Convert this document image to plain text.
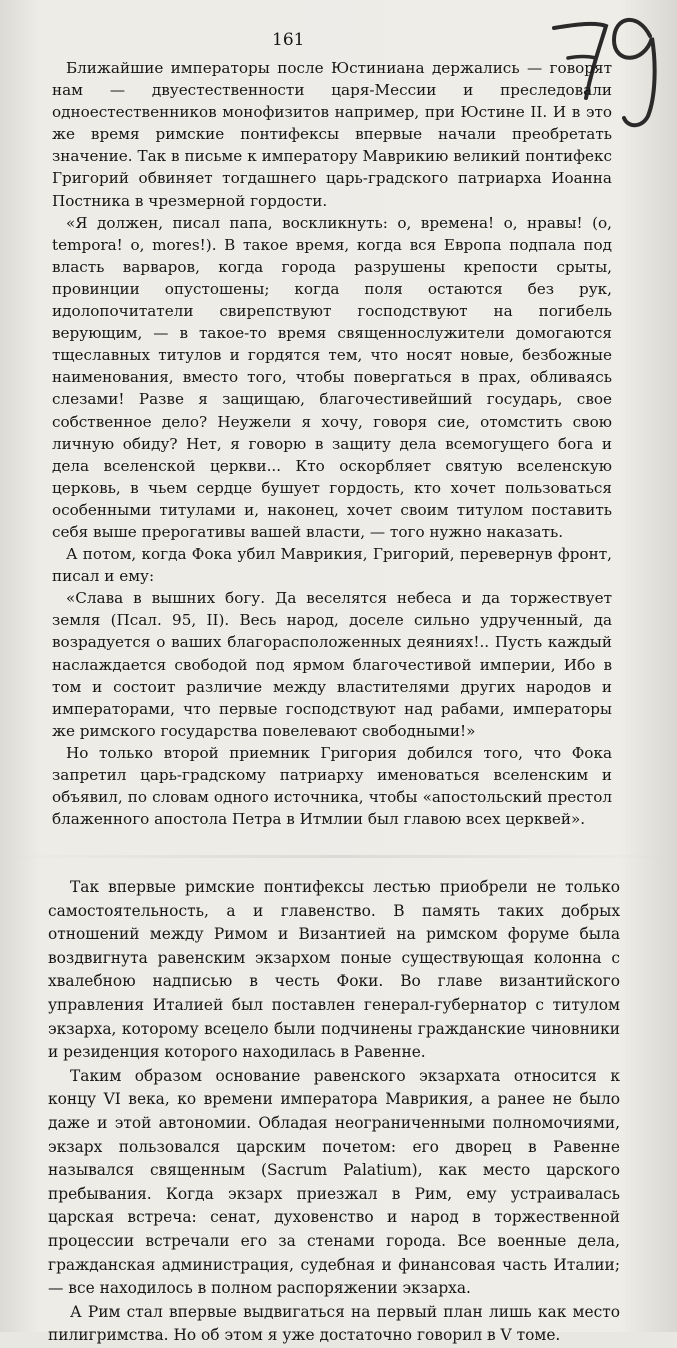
161

Ближайшие императоры после Юстиниана держались — говорят нам — двуестественности царя-Мессии и преследовали одноестественников монофизитов например, при Юстине II. И в это же время римские понтифексы впервые начали преобретать значение. Так в письме к императору Маврикию великий понтифекс Григорий обвиняет тогдашнего царь-градского патриарха Иоанна Постника в чрезмерной гордости.

«Я должен, писал папа, воскликнуть: о, времена! о, нравы! (o, tempora! o, mores!). В такое время, когда вся Европа подпала под власть варваров, когда города разрушены крепости срыты, провинции опустошены; когда поля остаются без рук, идолопочитатели свирепствуют господствуют на погибель верующим, — в такое-то время священнослужители домогаются тщеславных титулов и гордятся тем, что носят новые, безбожные наименования, вместо того, чтобы повергаться в прах, обливаясь слезами! Разве я защищаю, благочестивейший государь, свое собственное дело? Неужели я хочу, говоря сие, отомстить свою личную обиду? Нет, я говорю в защиту дела всемогущего бога и дела вселенской церкви... Кто оскорбляет святую вселенскую церковь, в чьем сердце бушует гордость, кто хочет пользоваться особенными титулами и, наконец, хочет своим титулом поставить себя выше прерогативы вашей власти, — того нужно наказать.

А потом, когда Фока убил Маврикия, Григорий, перевернув фронт, писал и ему:

«Слава в вышних богу. Да веселятся небеса и да торжествует земля (Псал. 95, II). Весь народ, доселе сильно удрученный, да возрадуется о ваших благорасположенных деяниях!.. Пусть каждый наслаждается свободой под ярмом благочестивой империи, Ибо в том и состоит различие между властителями других народов и императорами, что первые господствуют над рабами, императоры же римского государства повелевают свободными!»

Но только второй приемник Григория добился того, что Фока запретил царь-градскому патриарху именоваться вселенским и объявил, по словам одного источника, чтобы «апостольский престол блаженного апостола Петра в Итмлии был главою всех церквей».

Так впервые римские понтифексы лестью приобрели не только самостоятельность, а и главенство. В память таких добрых отношений между Римом и Византией на римском форуме была воздвигнута равенским экзархом поные существующая колонна с хвалебною надписью в честь Фоки. Во главе византийского управления Италией был поставлен генерал-губернатор с титулом экзарха, которому всецело были подчинены гражданские чиновники и резиденция которого находилась в Равенне.

Таким образом основание равенского экзархата относится к концу VI века, ко времени императора Маврикия, а ранее не было даже и этой автономии. Обладая неограниченными полномочиями, экзарх пользовался царским почетом: его дворец в Равенне назывался священным (Sacrum Palatium), как место царского пребывания. Когда экзарх приезжал в Рим, ему устраивалась царская встреча: сенат, духовенство и народ в торжественной процессии встречали его за стенами города. Все военные дела, гражданская администрация, судебная и финансовая часть Италии; — все находилось в полном распоряжении экзарха.

А Рим стал впервые выдвигаться на первый план лишь как место пилигримства. Но об этом я уже достаточно говорил в V томе.
